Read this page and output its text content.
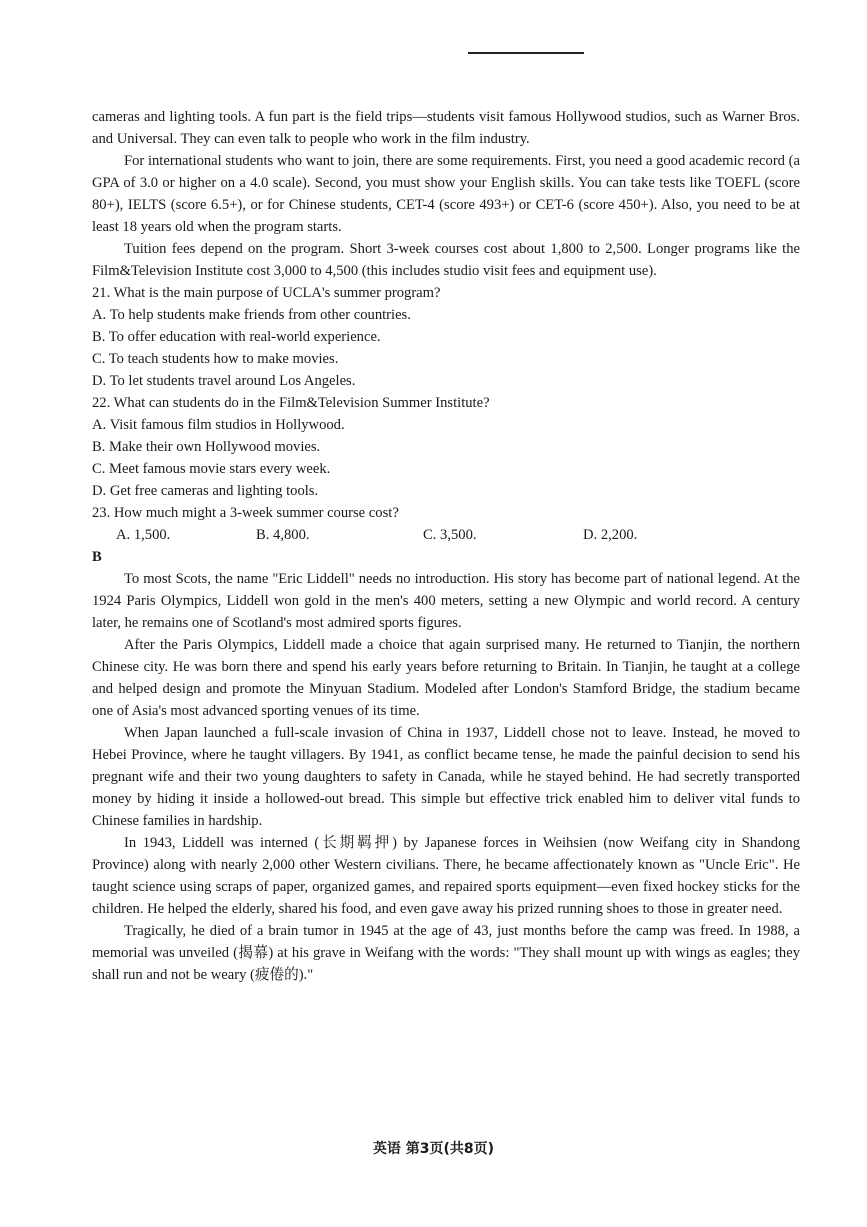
cameras and lighting tools. A fun part is the field trips—students visit famous Hollywood studios, such as Warner Bros. and Universal. They can even talk to people who work in the film industry.

For international students who want to join, there are some requirements. First, you need a good academic record (a GPA of 3.0 or higher on a 4.0 scale). Second, you must show your English skills. You can take tests like TOEFL (score 80+), IELTS (score 6.5+), or for Chinese students, CET-4 (score 493+) or CET-6 (score 450+). Also, you need to be at least 18 years old when the program starts.

Tuition fees depend on the program. Short 3-week courses cost about 1,800 to 2,500. Longer programs like the Film&Television Institute cost 3,000 to 4,500 (this includes studio visit fees and equipment use).

21. What is the main purpose of UCLA's summer program?

A. To help students make friends from other countries.

B. To offer education with real-world experience.

C. To teach students how to make movies.

D. To let students travel around Los Angeles.

22. What can students do in the Film&Television Summer Institute?

A. Visit famous film studios in Hollywood.

B. Make their own Hollywood movies.

C. Meet famous movie stars every week.

D. Get free cameras and lighting tools.

23. How much might a 3-week summer course cost?

A. 1,500.	B. 4,800.	C. 3,500.	D. 2,200.

B

To most Scots, the name "Eric Liddell" needs no introduction. His story has become part of national legend. At the 1924 Paris Olympics, Liddell won gold in the men's 400 meters, setting a new Olympic and world record. A century later, he remains one of Scotland's most admired sports figures.

After the Paris Olympics, Liddell made a choice that again surprised many. He returned to Tianjin, the northern Chinese city. He was born there and spend his early years before returning to Britain. In Tianjin, he taught at a college and helped design and promote the Minyuan Stadium. Modeled after London's Stamford Bridge, the stadium became one of Asia's most advanced sporting venues of its time.

When Japan launched a full-scale invasion of China in 1937, Liddell chose not to leave. Instead, he moved to Hebei Province, where he taught villagers. By 1941, as conflict became tense, he made the painful decision to send his pregnant wife and their two young daughters to safety in Canada, while he stayed behind. He had secretly transported money by hiding it inside a hollowed-out bread. This simple but effective trick enabled him to deliver vital funds to Chinese families in hardship.

In 1943, Liddell was interned (长期羁押) by Japanese forces in Weihsien (now Weifang city in Shandong Province) along with nearly 2,000 other Western civilians. There, he became affectionately known as "Uncle Eric". He taught science using scraps of paper, organized games, and repaired sports equipment—even fixed hockey sticks for the children. He helped the elderly, shared his food, and even gave away his prized running shoes to those in greater need.

Tragically, he died of a brain tumor in 1945 at the age of 43, just months before the camp was freed. In 1988, a memorial was unveiled (揭幕) at his grave in Weifang with the words: "They shall mount up with wings as eagles; they shall run and not be weary (疲倦的)."

英语 第3页(共8页)
